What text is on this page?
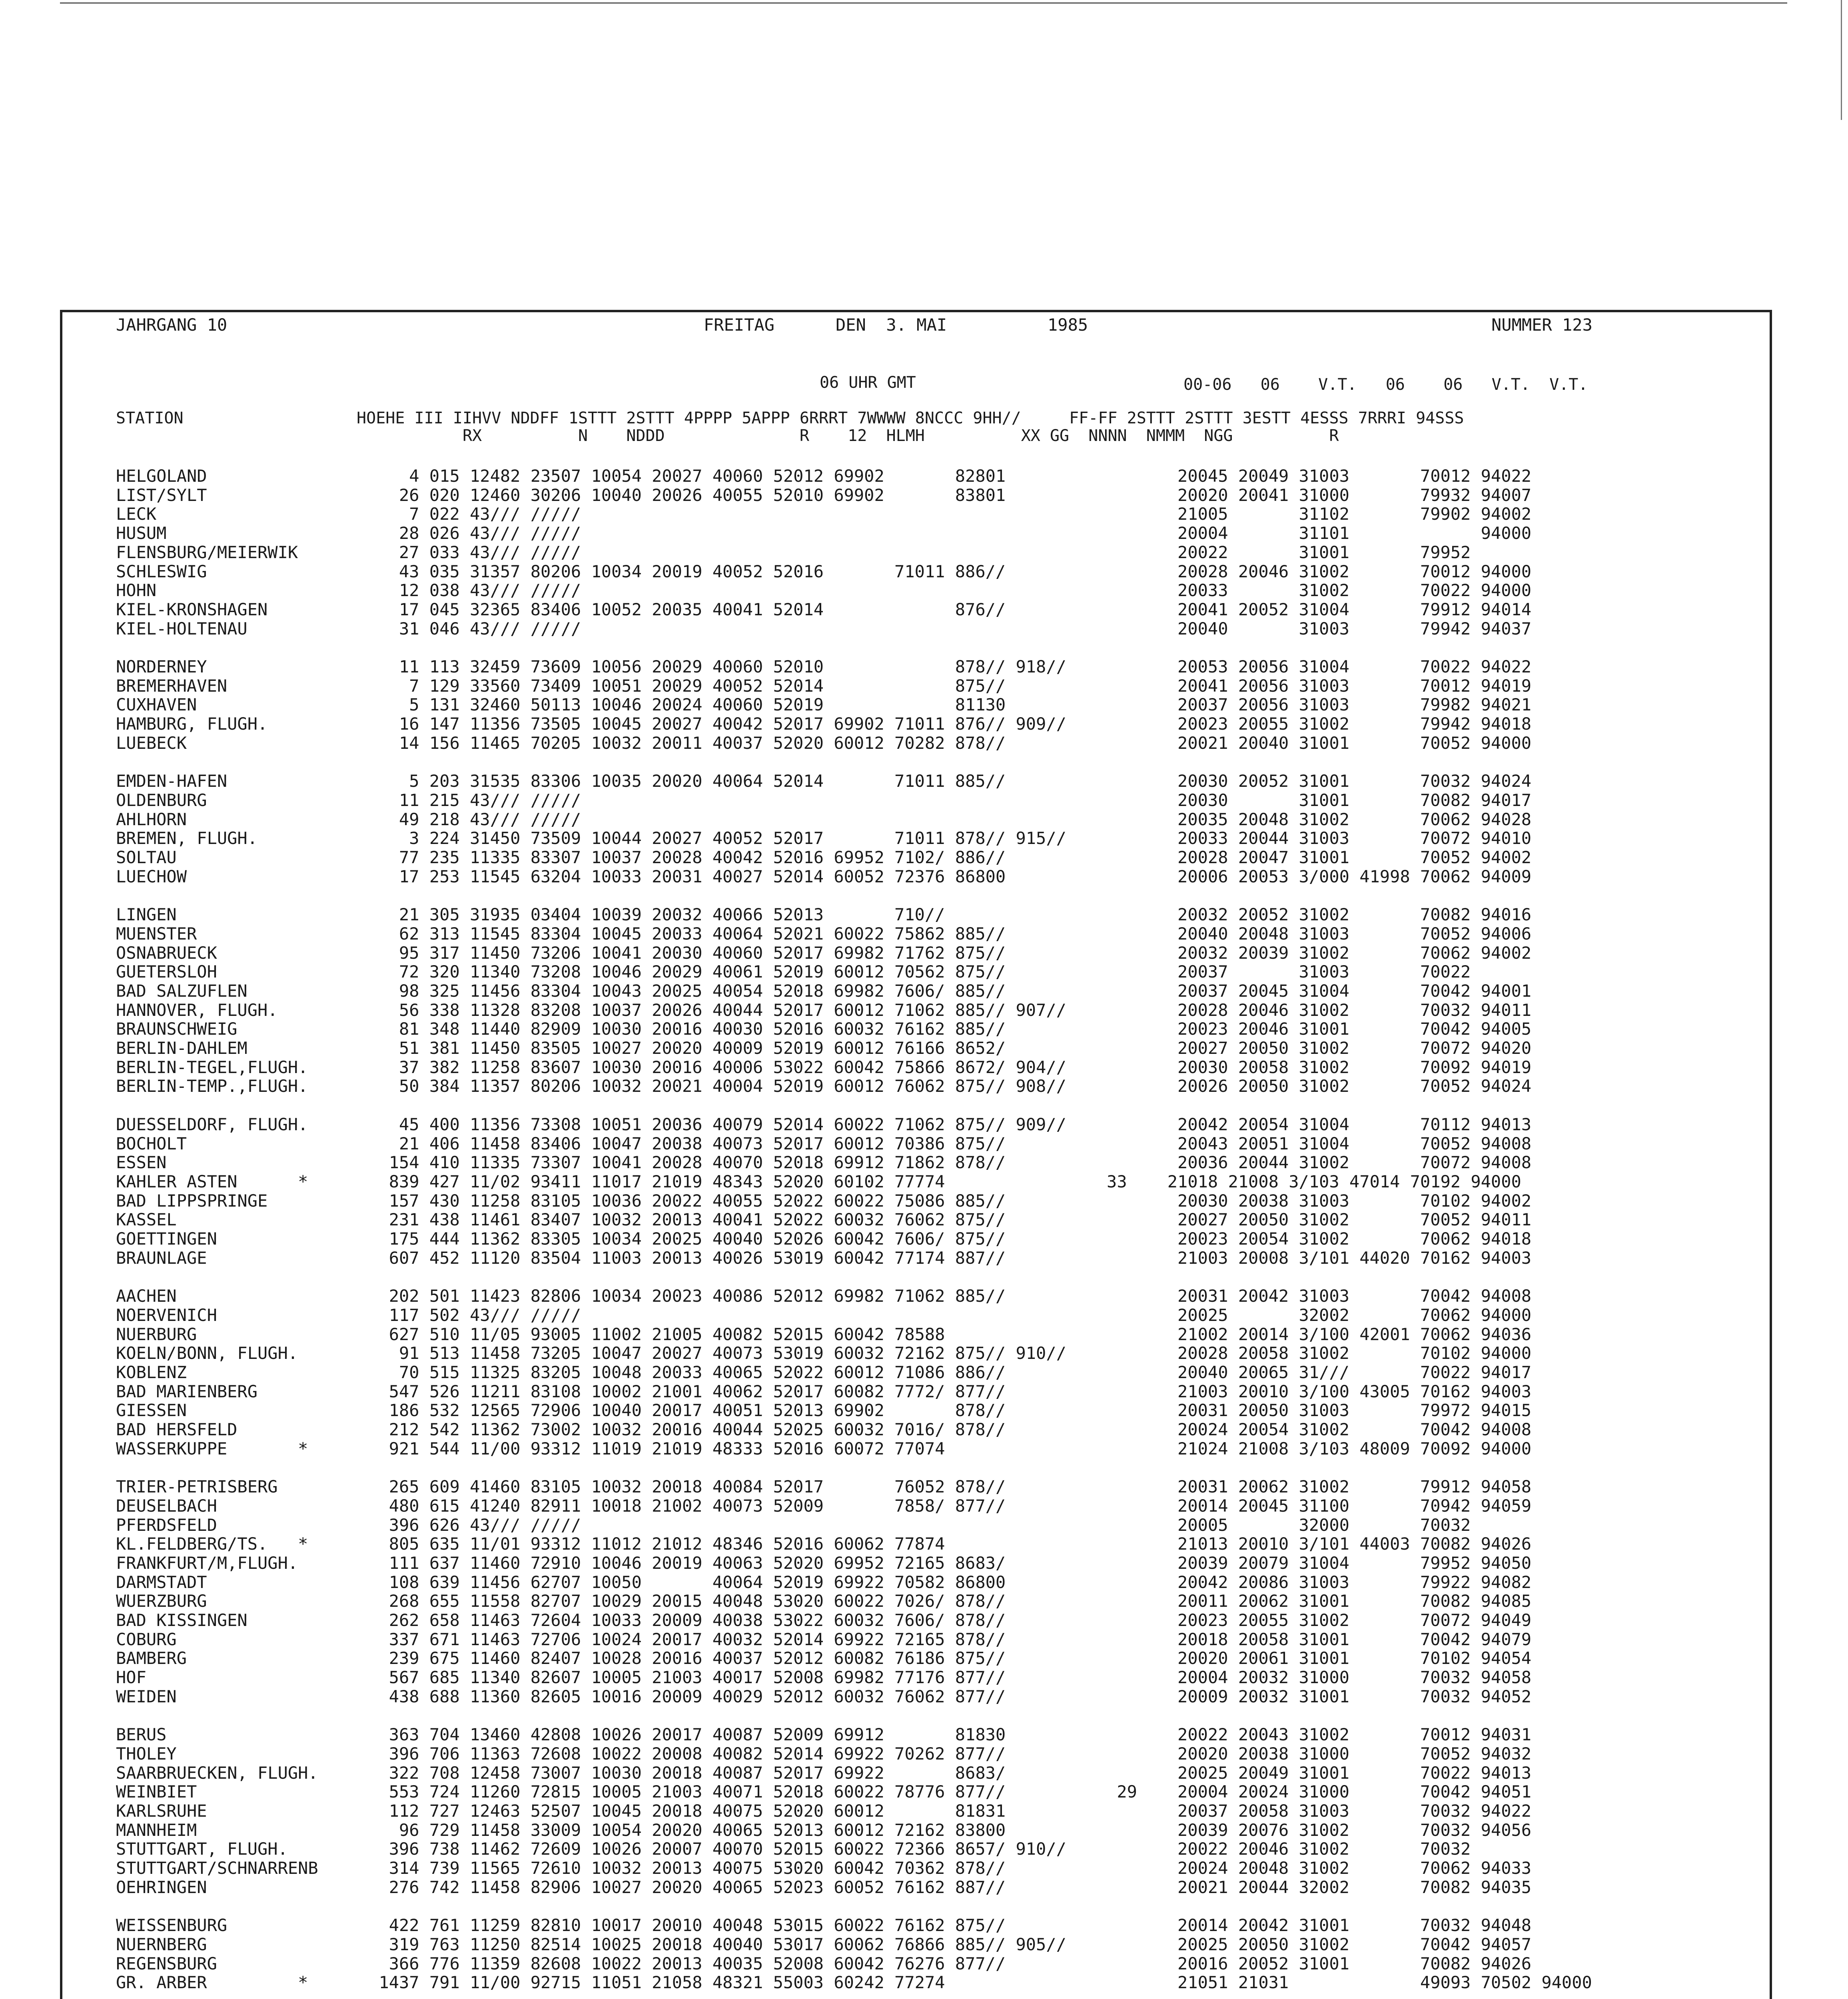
JAHRGANG 10	FREITAG	DEN  3. MAI	1985	NUMMER 123
06 UHR GMT	00-06   06    V.T.   06    06   V.T.  V.T.
STATION                  HOEHE III IIHVV NDDFF 1STTT 2STTT 4PPPP 5APPP 6RRRT 7WWWW 8NCCC 9HH//     FF-FF 2STTT 2STTT 3ESTT 4ESSS 7RRRI 94SSS
RX          N    NDDD              R    12  HLMH          XX GG  NNNN  NMMM  NGG          R
HELGOLAND                    4 015 12482 23507 10054 20027 40060 52012 69902       82801                 20045 20049 31003       70012 94022
LIST/SYLT                   26 020 12460 30206 10040 20026 40055 52010 69902       83801                 20020 20041 31000       79932 94007
LECK                         7 022 43/// /////                                                           21005       31102       79902 94002
HUSUM                       28 026 43/// /////                                                           20004       31101             94000
FLENSBURG/MEIERWIK          27 033 43/// /////                                                           20022       31001       79952
SCHLESWIG                   43 035 31357 80206 10034 20019 40052 52016       71011 886//                 20028 20046 31002       70012 94000
HOHN                        12 038 43/// /////                                                           20033       31002       70022 94000
KIEL-KRONSHAGEN             17 045 32365 83406 10052 20035 40041 52014             876//                 20041 20052 31004       79912 94014
KIEL-HOLTENAU               31 046 43/// /////                                                           20040       31003       79942 94037
NORDERNEY                   11 113 32459 73609 10056 20029 40060 52010             878// 918//           20053 20056 31004       70022 94022
BREMERHAVEN                  7 129 33560 73409 10051 20029 40052 52014             875//                 20041 20056 31003       70012 94019
CUXHAVEN                     5 131 32460 50113 10046 20024 40060 52019             81130                 20037 20056 31003       79982 94021
HAMBURG, FLUGH.             16 147 11356 73505 10045 20027 40042 52017 69902 71011 876// 909//           20023 20055 31002       79942 94018
LUEBECK                     14 156 11465 70205 10032 20011 40037 52020 60012 70282 878//                 20021 20040 31001       70052 94000
EMDEN-HAFEN                  5 203 31535 83306 10035 20020 40064 52014       71011 885//                 20030 20052 31001       70032 94024
OLDENBURG                   11 215 43/// /////                                                           20030       31001       70082 94017
AHLHORN                     49 218 43/// /////                                                           20035 20048 31002       70062 94028
BREMEN, FLUGH.               3 224 31450 73509 10044 20027 40052 52017       71011 878// 915//           20033 20044 31003       70072 94010
SOLTAU                      77 235 11335 83307 10037 20028 40042 52016 69952 7102/ 886//                 20028 20047 31001       70052 94002
LUECHOW                     17 253 11545 63204 10033 20031 40027 52014 60052 72376 86800                 20006 20053 3/000 41998 70062 94009
LINGEN                      21 305 31935 03404 10039 20032 40066 52013       710//                       20032 20052 31002       70082 94016
MUENSTER                    62 313 11545 83304 10045 20033 40064 52021 60022 75862 885//                 20040 20048 31003       70052 94006
OSNABRUECK                  95 317 11450 73206 10041 20030 40060 52017 69982 71762 875//                 20032 20039 31002       70062 94002
GUETERSLOH                  72 320 11340 73208 10046 20029 40061 52019 60012 70562 875//                 20037       31003       70022
BAD SALZUFLEN               98 325 11456 83304 10043 20025 40054 52018 69982 7606/ 885//                 20037 20045 31004       70042 94001
HANNOVER, FLUGH.            56 338 11328 83208 10037 20026 40044 52017 60012 71062 885// 907//           20028 20046 31002       70032 94011
BRAUNSCHWEIG                81 348 11440 82909 10030 20016 40030 52016 60032 76162 885//                 20023 20046 31001       70042 94005
BERLIN-DAHLEM               51 381 11450 83505 10027 20020 40009 52019 60012 76166 8652/                 20027 20050 31002       70072 94020
BERLIN-TEGEL,FLUGH.         37 382 11258 83607 10030 20016 40006 53022 60042 75866 8672/ 904//           20030 20058 31002       70092 94019
BERLIN-TEMP.,FLUGH.         50 384 11357 80206 10032 20021 40004 52019 60012 76062 875// 908//           20026 20050 31002       70052 94024
DUESSELDORF, FLUGH.         45 400 11356 73308 10051 20036 40079 52014 60022 71062 875// 909//           20042 20054 31004       70112 94013
BOCHOLT                     21 406 11458 83406 10047 20038 40073 52017 60012 70386 875//                 20043 20051 31004       70052 94008
ESSEN                      154 410 11335 73307 10041 20028 40070 52018 69912 71862 878//                 20036 20044 31002       70072 94008
KAHLER ASTEN      *        839 427 11/02 93411 11017 21019 48343 52020 60102 77774                33    21018 21008 3/103 47014 70192 94000
BAD LIPPSPRINGE            157 430 11258 83105 10036 20022 40055 52022 60022 75086 885//                 20030 20038 31003       70102 94002
KASSEL                     231 438 11461 83407 10032 20013 40041 52022 60032 76062 875//                 20027 20050 31002       70052 94011
GOETTINGEN                 175 444 11362 83305 10034 20025 40040 52026 60042 7606/ 875//                 20023 20054 31002       70062 94018
BRAUNLAGE                  607 452 11120 83504 11003 20013 40026 53019 60042 77174 887//                 21003 20008 3/101 44020 70162 94003
AACHEN                     202 501 11423 82806 10034 20023 40086 52012 69982 71062 885//                 20031 20042 31003       70042 94008
NOERVENICH                 117 502 43/// /////                                                           20025       32002       70062 94000
NUERBURG                   627 510 11/05 93005 11002 21005 40082 52015 60042 78588                       21002 20014 3/100 42001 70062 94036
KOELN/BONN, FLUGH.          91 513 11458 73205 10047 20027 40073 53019 60032 72162 875// 910//           20028 20058 31002       70102 94000
KOBLENZ                     70 515 11325 83205 10048 20033 40065 52022 60012 71086 886//                 20040 20065 31///       70022 94017
BAD MARIENBERG             547 526 11211 83108 10002 21001 40062 52017 60082 7772/ 877//                 21003 20010 3/100 43005 70162 94003
GIESSEN                    186 532 12565 72906 10040 20017 40051 52013 69902       878//                 20031 20050 31003       79972 94015
BAD HERSFELD               212 542 11362 73002 10032 20016 40044 52025 60032 7016/ 878//                 20024 20054 31002       70042 94008
WASSERKUPPE       *        921 544 11/00 93312 11019 21019 48333 52016 60072 77074                       21024 21008 3/103 48009 70092 94000
TRIER-PETRISBERG           265 609 41460 83105 10032 20018 40084 52017       76052 878//                 20031 20062 31002       79912 94058
DEUSELBACH                 480 615 41240 82911 10018 21002 40073 52009       7858/ 877//                 20014 20045 31100       70942 94059
PFERDSFELD                 396 626 43/// /////                                                           20005       32000       70032
KL.FELDBERG/TS.   *        805 635 11/01 93312 11012 21012 48346 52016 60062 77874                       21013 20010 3/101 44003 70082 94026
FRANKFURT/M,FLUGH.         111 637 11460 72910 10046 20019 40063 52020 69952 72165 8683/                 20039 20079 31004       79952 94050
DARMSTADT                  108 639 11456 62707 10050       40064 52019 69922 70582 86800                 20042 20086 31003       79922 94082
WUERZBURG                  268 655 11558 82707 10029 20015 40048 53020 60022 7026/ 878//                 20011 20062 31001       70082 94085
BAD KISSINGEN              262 658 11463 72604 10033 20009 40038 53022 60032 7606/ 878//                 20023 20055 31002       70072 94049
COBURG                     337 671 11463 72706 10024 20017 40032 52014 69922 72165 878//                 20018 20058 31001       70042 94079
BAMBERG                    239 675 11460 82407 10028 20016 40037 52012 60082 76186 875//                 20020 20061 31001       70102 94054
HOF                        567 685 11340 82607 10005 21003 40017 52008 69982 77176 877//                 20004 20032 31000       70032 94058
WEIDEN                     438 688 11360 82605 10016 20009 40029 52012 60032 76062 877//                 20009 20032 31001       70032 94052
BERUS                      363 704 13460 42808 10026 20017 40087 52009 69912       81830                 20022 20043 31002       70012 94031
THOLEY                     396 706 11363 72608 10022 20008 40082 52014 69922 70262 877//                 20020 20038 31000       70052 94032
SAARBRUECKEN, FLUGH.       322 708 12458 73007 10030 20018 40087 52017 69922       8683/                 20025 20049 31001       70022 94013
WEINBIET                   553 724 11260 72815 10005 21003 40071 52018 60022 78776 877//           29    20004 20024 31000       70042 94051
KARLSRUHE                  112 727 12463 52507 10045 20018 40075 52020 60012       81831                 20037 20058 31003       70032 94022
MANNHEIM                    96 729 11458 33009 10054 20020 40065 52013 60012 72162 83800                 20039 20076 31002       70032 94056
STUTTGART, FLUGH.          396 738 11462 72609 10026 20007 40070 52015 60022 72366 8657/ 910//           20022 20046 31002       70032
STUTTGART/SCHNARRENB       314 739 11565 72610 10032 20013 40075 53020 60042 70362 878//                 20024 20048 31002       70062 94033
OEHRINGEN                  276 742 11458 82906 10027 20020 40065 52023 60052 76162 887//                 20021 20044 32002       70082 94035
WEISSENBURG                422 761 11259 82810 10017 20010 40048 53015 60022 76162 875//                 20014 20042 31001       70032 94048
NUERNBERG                  319 763 11250 82514 10025 20018 40040 53017 60062 76866 885// 905//           20025 20050 31002       70042 94057
REGENSBURG                 366 776 11359 82608 10022 20013 40035 52008 60042 76276 877//                 20016 20052 31001       70082 94026
GR. ARBER         *       1437 791 11/00 92715 11051 21058 48321 55003 60242 77274                       21051 21031             49093 70502 94000
